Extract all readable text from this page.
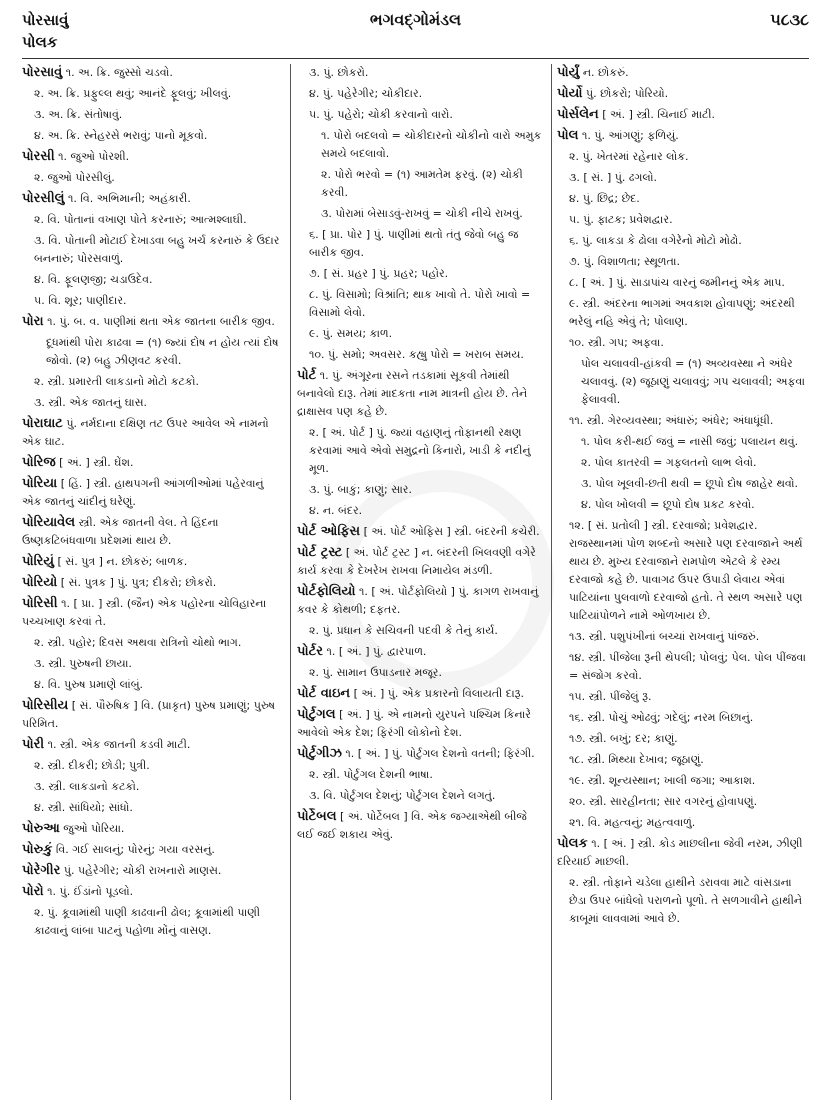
પોરસાવું
પોલક
ભગવદ્ગોમંડલ	૫૮૩૮
પોરસાવું ૧. અ. ક્રિ. જુસ્સો ચડવો.
૨. અ. ક્રિ. પ્રફુલ્લ થવું; આનંદે ફૂલવું; ખીલવું.
૩. અ. ક્રિ. સંતોષાવું.
૪. અ. ક્રિ. સ્નેહરસે ભરાવું; પાનો મૂકવો.
પોરસી ૧. જુઓ પોરશી.
૨. જુઓ પોરસીલું.
પોરસીલું ૧. વિ. અભિમાની; અહંકારી.
૨. વિ. પોતાનાં વખાણ પોતે કરનારું; આત્મશ્લાઘી.
૩. વિ. પોતાની મોટાઈ દેખાડવા બહુ ખર્ચ કરનારું કે ઉદાર બનનારું; પોરસવાળું.
૪. વિ. ફૂલણજી; ચડાઉદેવ.
૫. વિ. શૂર; પાણીદાર.
પોરા ૧. પું. બ. વ. પાણીમાં થતા એક જાતના બારીક જીવ.
દૂધમાંથી પોરા કાઢવા = (૧) જ્યાં દોષ ન હોય ત્યાં દોષ જોવો. (૨) બહુ ઝીણવટ કરવી.
૨. સ્ત્રી. પ્રમારતી લાકડાનો મોટો કટકો.
૩. સ્ત્રી. એક જાતનું ઘાસ.
પોરાઘાટ પું. નર્મદાના દક્ષિણ તટ ઉપર આવેલ એ નામનો એક ઘાટ.
પોરિજ [ અં. ] સ્ત્રી. ઘેંશ.
પોરિયા [ હિં. ] સ્ત્રી. હાથપગની આંગળીઓમાં પહેરવાનું એક જાતનું ચાંદીનું ઘરેણું.
પોરિયાવેલ સ્ત્રી. એક જાતની વેલ. તે હિંદના ઉષ્ણકટિબંધવાળા પ્રદેશમાં થાય છે.
પોરિયું [ સં. પુત્ર ] ન. છોકરું; બાળક.
પોરિયો [ સં. પુત્રક ] પું. પુત્ર; દીકરો; છોકરો.
પોરિસી ૧. [ પ્રા. ] સ્ત્રી. (જૈન) એક પહોરના ચોવિહારના પચ્ચખાણ કરવાં તે.
૨. સ્ત્રી. પહોર; દિવસ અથવા રાત્રિનો ચોથો ભાગ.
૩. સ્ત્રી. પુરુષની છાયા.
૪. વિ. પુરુષ પ્રમાણે લાંબું.
પોરિસીય [ સં. પૌરુષિક ] વિ. (પ્રાકૃત) પુરુષ પ્રમાણું; પુરુષ પરિમિત.
પોરી ૧. સ્ત્રી. એક જાતની કડવી માટી.
૨. સ્ત્રી. દીકરી; છોડી; પુત્રી.
૩. સ્ત્રી. લાકડાનો કટકો.
૪. સ્ત્રી. સાંધિયો; સાંધો.
પોરુઆ જુઓ પોરિયા.
પોરુકું વિ. ગઈ સાલનું; પોરનું; ગયા વરસનું.
પોરેગીર પું. પહેરેગીર; ચોકી રાખનારો માણસ.
પોરો ૧. પું. ઈંડાંનો પૂડલો.
૨. પું. કૂવામાંથી પાણી કાઢવાની ઢોલ; કૂવામાંથી પાણી કાઢવાનું લાંબા પાટનું પહોળા મોંનું વાસણ.
૩. પું. છોકરો.
૪. પું. પહેરેગીર; ચોકીદાર.
૫. પું. પહેરો; ચોકી કરવાનો વારો.
૧. પોરો બદલવો = ચોકીદારનો ચોકીનો વારો અમુક સમયે બદલાવો.
૨. પોરો ભરવો = (૧) આમતેમ ફરવું. (૨) ચોકી કરવી.
૩. પોરામાં બેસાડવું-રાખવું = ચોકી નીચે રાખવું.
૬. [ પ્રા. પોર ] પું. પાણીમાં થતો તંતુ જેવો બહુ જ બારીક જીવ.
૭. [ સં. પ્રહર ] પું. પ્રહર; પહોર.
૮. પું. વિસામો; વિશ્રાંતિ; થાક ખાવો તે. પોરો ખાવો = વિસામો લેવો.
૯. પું. સમય; કાળ.
૧૦. પું. સમો; અવસર. કહ્યુ પોરો = ખરાબ સમય.
પોર્ટ ૧. પું. અંગૂરના રસને તડકામાં સૂકવી તેમાંથી બનાવેલો દારૂ. તેમાં માદકતા નામ માત્રની હોય છે. તેને દ્રાક્ષાસવ પણ કહે છે.
૨. [ અં. પોર્ટ ] પું. જ્યાં વહાણનું તોફાનથી રક્ષણ કરવામાં આવે એવો સમુદ્રનો કિનારો, ખાડી કે નદીનું મૂળ.
૩. પું. બાકું; કાણું; સાર.
૪. ન. બંદર.
પોર્ટ ઓફિસ [ અં. પોર્ટ ઓફિસ ] સ્ત્રી. બંદરની કચેરી.
પોર્ટ ટ્રસ્ટ [ અં. પોર્ટ ટ્રસ્ટ ] ન. બંદરની ખિલવણી વગેરે કાર્ય કરવા કે દેખરેખ રાખવા નિમાયેલ મંડળી.
પોર્ટફોલિયો ૧. [ અં. પોર્ટફોલિયો ] પું. કાગળ રાખવાનું કવર કે કોથળી; દફતર.
૨. પું. પ્રધાન કે સચિવની પદવી કે તેનું કાર્ય.
પોર્ટર ૧. [ અં. ] પું. દ્વારપાળ.
૨. પું. સામાન ઉપાડનાર મજૂર.
પોર્ટ વાઇન [ અં. ] પું. એક પ્રકારનો વિલાયતી દારૂ.
પોર્ટુગલ [ અં. ] પું. એ નામનો યુરપને પશ્ચિમ કિનારે આવેલો એક દેશ; ફિરંગી લોકોનો દેશ.
પોર્ટુગીઝ ૧. [ અં. ] પું. પોર્ટુગલ દેશનો વતની; ફિરંગી.
૨. સ્ત્રી. પોર્ટુગલ દેશની ભાષા.
૩. વિ. પોર્ટુગલ દેશનું; પોર્ટુગલ દેશને લગતું.
પોર્ટેબલ [ અં. પોર્ટેબલ ] વિ. એક જગ્યાએથી બીજે લઈ જઈ શકાય એવું.
પોર્યું ન. છોકરું.
પોર્યો પું. છોકરો; પોરિયો.
પોર્સલેન [ અં. ] સ્ત્રી. ચિનાઈ માટી.
પોલ ૧. પું. આંગણું; ફળિયું.
૨. પું. ખેતરમાં રહેનાર લોક.
૩. [ સં. ] પું. ઢગલો.
૪. પું. છિદ્ર; છેદ.
૫. પું. ફાટક; પ્રવેશદ્વાર.
૬. પું. લાકડા કે ઢોલા વગેરેનો મોટો મોઢો.
૭. પું. વિશાળતા; સ્થૂળતા.
૮. [ અં. ] પું. સાડાપાંચ વારનું જમીનનું એક માપ.
૯. સ્ત્રી. અંદરના ભાગમાં અવકાશ હોવાપણું; અંદરથી ભરેલું નહિ એવું તે; પોલાણ.
૧૦. સ્ત્રી. ગપ; અફવા.
પોલ ચલાવવી-હાંકવી = (૧) અવ્યવસ્થા ને અંધેર ચલાવવું. (૨) જૂઠાણું ચલાવવું; ગપ ચલાવવી; અફવા ફેલાવવી.
૧૧. સ્ત્રી. ગેરવ્યવસ્થા; અંધારું; અંધેર; અંધાધૂંધી.
૧. પોલ કરી-થઈ જવું = નાસી જવું; પલાયન થવું.
૨. પોલ કાતરવી = ગફલતનો લાભ લેવો.
૩. પોલ ખૂલવી-છતી થવી = છૂપો દોષ જાહેર થવો.
૪. પોલ ખોલવી = છૂપો દોષ પ્રકટ કરવો.
૧૨. [ સં. પ્રતોલી ] સ્ત્રી. દરવાજો; પ્રવેશદ્વાર. રાજસ્થાનમાં પોળ શબ્દનો અસારે પણ દરવાજાને અર્થ થાય છે. મુખ્ય દરવાજાને રામપોળ એટલે કે રમ્ય દરવાજો કહે છે. પાવાગઢ ઉપર ઉપાડી લેવાય એવાં પાટિયાંના પુલવાળો દરવાજો હતો. તે સ્થળ અસારે પણ પાટિયાંપોળને નામે ઓળખાય છે.
૧૩. સ્ત્રી. પશુપંખીનાં બચ્ચાં રાખવાનું પાંજરું.
૧૪. સ્ત્રી. પીંજેલા રૂની થેપલી; પોલવું; પેલ. પોલ પીંજવા = સંજોગ કરવો.
૧૫. સ્ત્રી. પીંજેલું રૂ.
૧૬. સ્ત્રી. પોચું ઓઢવું; ગદેલું; નરમ બિછાનું.
૧૭. સ્ત્રી. બખું; દર; કાણું.
૧૮. સ્ત્રી. મિથ્યા દેખાવ; જૂઠાણું.
૧૯. સ્ત્રી. શૂન્યસ્થાન; ખાલી જગા; આકાશ.
૨૦. સ્ત્રી. સારહીનતા; સાર વગરનું હોવાપણું.
૨૧. વિ. મહત્વનું; મહત્વવાળું.
પોલક ૧. [ અં. ] સ્ત્રી. કોડ માછલીના જેવી નરમ, ઝીણી દરિયાઈ માછલી.
૨. સ્ત્રી. તોફાને ચડેલા હાથીને ડરાવવા માટે વાંસડાના છેડા ઉપર બાંધેલો પરાળનો પૂળો. તે સળગાવીને હાથીને કાબૂમાં લાવવામાં આવે છે.
